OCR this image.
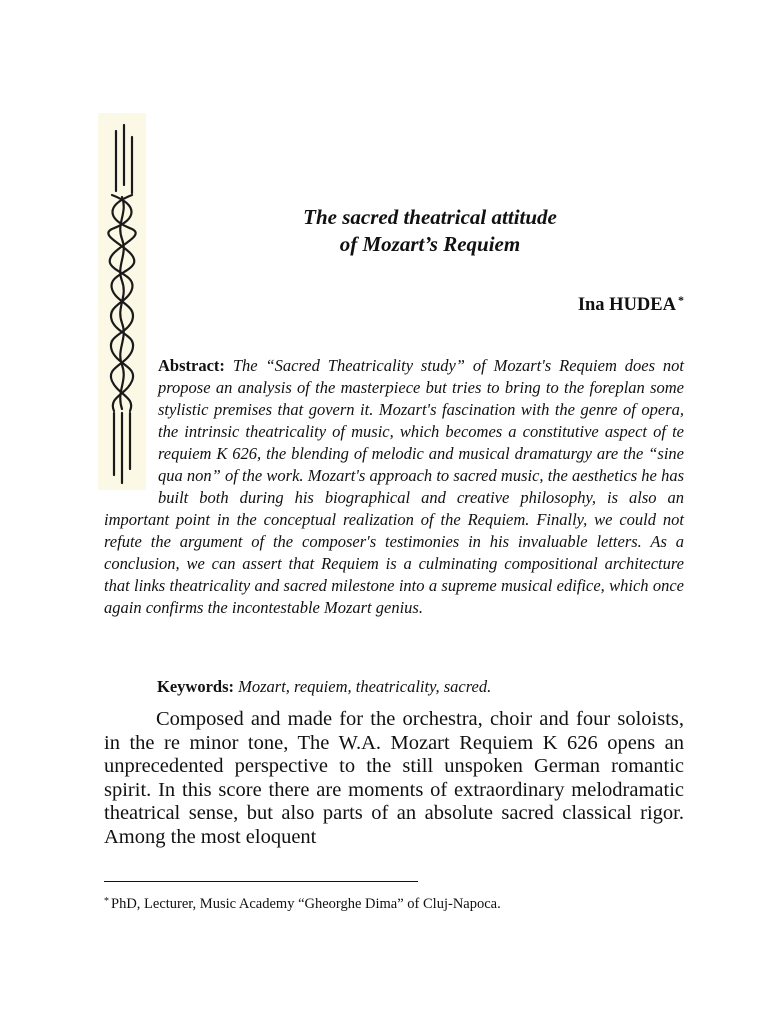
The sacred theatrical attitude
of Mozart’s Requiem
Ina HUDEA *
Abstract: The “Sacred Theatricality study” of Mozart's Requiem does not propose an analysis of the masterpiece but tries to bring to the foreplan some stylistic premises that govern it. Mozart's fascination with the genre of opera, the intrinsic theatricality of music, which becomes a constitutive aspect of te requiem K 626, the blending of melodic and musical dramaturgy are the “sine qua non” of the work. Mozart's approach to sacred music, the aesthetics he has built both during his biographical and creative philosophy, is also an important point in the conceptual realization of the Requiem. Finally, we could not refute the argument of the composer's testimonies in his invaluable letters. As a conclusion, we can assert that Requiem is a culminating compositional architecture that links theatricality and sacred milestone into a supreme musical edifice, which once again confirms the incontestable Mozart genius.
Keywords: Mozart, requiem, theatricality, sacred.
Composed and made for the orchestra, choir and four soloists, in the re minor tone, The W.A. Mozart Requiem K 626 opens an unprecedented perspective to the still unspoken German romantic spirit. In this score there are moments of extraordinary melodramatic theatrical sense, but also parts of an absolute sacred classical rigor. Among the most eloquent
* PhD, Lecturer, Music Academy “Gheorghe Dima” of Cluj-Napoca.
